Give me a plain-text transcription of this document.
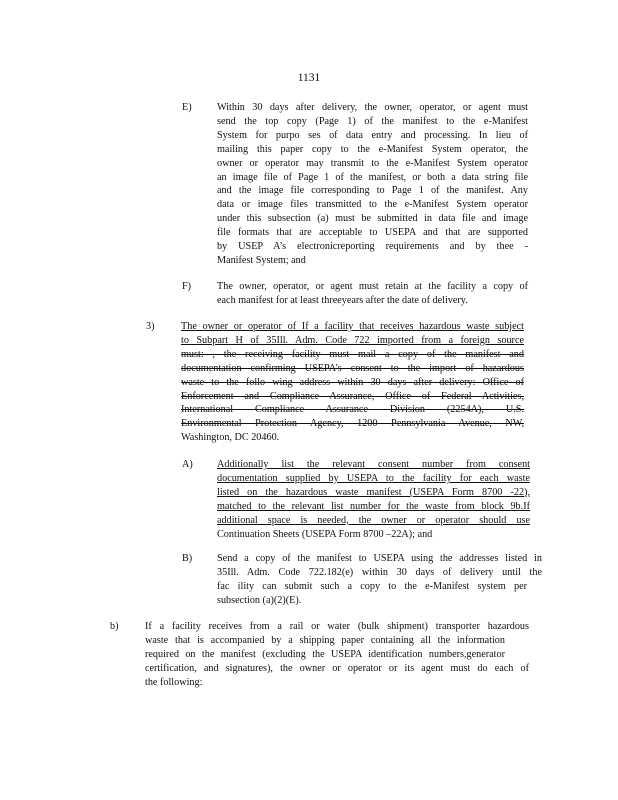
1131
E) Within 30 days after delivery, the owner, operator, or agent must
send the top copy (Page 1) of the manifest to the e-Manifest
System for purpo ses of data entry and processing. In lieu of
mailing this paper copy to the e-Manifest System operator, the
owner or operator may transmit to the e-Manifest System operator
an image file of Page 1 of the manifest, or both a data string file
and the image file corresponding to Page 1 of the manifest. Any
data or image files transmitted to the e-Manifest System operator
under this subsection (a) must be submitted in data file and image
file formats that are acceptable to USEPA and that are supported
by USEP A’s electronicreporting requirements and by thee -
Manifest System; and
F)	The owner, operator, or agent must retain at the facility a copy of
each manifest for at least threeyears after the date of delivery.
3)	The owner or operator of If a facility that receives hazardous waste subject
to Subpart H of 35Ill. Adm. Code 722 imported from a foreign source
must: , the receiving facility must mail a copy of the manifest and
documentation confirming USEPA’s consent to the import of hazardous
waste to the follo wing address within 30 days after delivery: Office of
Enforcement and Compliance Assurance, Office of Federal Activities,
International Compliance Assurance Division (2254A), U.S.
Environmental Protection Agency, 1200 Pennsylvania Avenue, NW,
Washington, DC 20460.
A) Additionally list the relevant consent number from consent
documentation supplied by USEPA to the facility for each waste
listed on the hazardous waste manifest (USEPA Form 8700 -22),
matched to the relevant list number for the waste from block 9b.If
additional space is needed, the owner or operator should use
Continuation Sheets (USEPA Form 8700 –22A); and
B) Send a copy of the manifest to USEPA using the addresses listed in
35Ill. Adm. Code 722.182(e) within 30 days of delivery until the
fac ility can submit such a copy to the e-Manifest system per
subsection (a)(2)(E).
b)	If a facility receives from a rail or water (bulk shipment) transporter hazardous
waste that is accompanied by a shipping paper containing all the information
required on the manifest (excluding the USEPA identification numbers,generator
certification, and signatures), the owner or operator or its agent must do each of
the following:
